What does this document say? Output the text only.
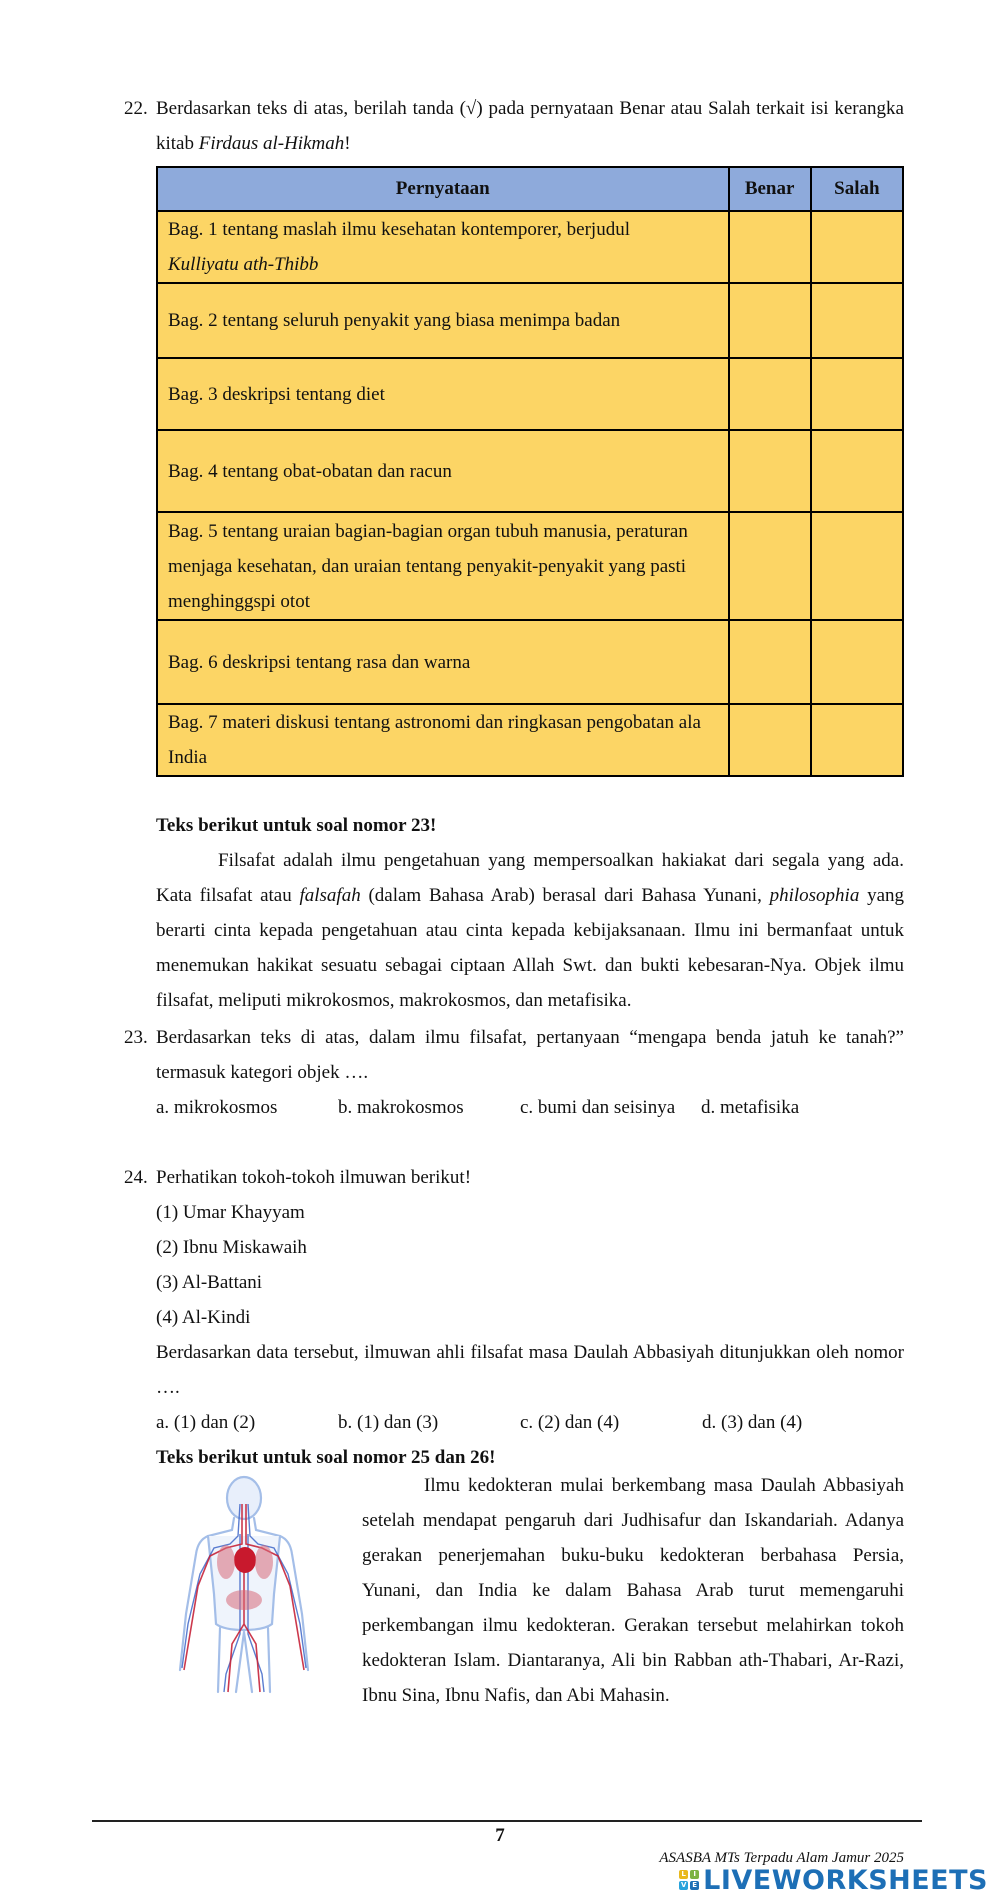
22. Berdasarkan teks di atas, berilah tanda (√) pada pernyataan Benar atau Salah terkait isi kerangka kitab Firdaus al-Hikmah!
Pernyataan	Benar	Salah
Bag. 1 tentang maslah ilmu kesehatan kontemporer, berjudul
Kulliyatu ath-Thibb		
Bag. 2 tentang seluruh penyakit yang biasa menimpa badan		
Bag. 3 deskripsi tentang diet		
Bag. 4 tentang obat-obatan dan racun		
Bag. 5 tentang uraian bagian-bagian organ tubuh manusia, peraturan menjaga kesehatan, dan uraian tentang penyakit-penyakit yang pasti menghinggspi otot		
Bag. 6 deskripsi tentang rasa dan warna		
Bag. 7 materi diskusi tentang astronomi dan ringkasan pengobatan ala India		
Teks berikut untuk soal nomor 23!
Filsafat adalah ilmu pengetahuan yang mempersoalkan hakiakat dari segala yang ada. Kata filsafat atau falsafah (dalam Bahasa Arab) berasal dari Bahasa Yunani, philosophia yang berarti cinta kepada pengetahuan atau cinta kepada kebijaksanaan. Ilmu ini bermanfaat untuk menemukan hakikat sesuatu sebagai ciptaan Allah Swt. dan bukti kebesaran-Nya. Objek ilmu filsafat, meliputi mikrokosmos, makrokosmos, dan metafisika.
23. Berdasarkan teks di atas, dalam ilmu filsafat, pertanyaan “mengapa benda jatuh ke tanah?” termasuk kategori objek ….
a. mikrokosmos	b. makrokosmos	c. bumi dan seisinya d. metafisika
24. Perhatikan tokoh-tokoh ilmuwan berikut!
(1) Umar Khayyam
(2) Ibnu Miskawaih
(3) Al-Battani
(4) Al-Kindi
Berdasarkan data tersebut, ilmuwan ahli filsafat masa Daulah Abbasiyah ditunjukkan oleh nomor ….
a. (1) dan (2)	b. (1) dan (3)	c. (2) dan (4)	d. (3) dan (4)
Teks berikut untuk soal nomor 25 dan 26!
Ilmu kedokteran mulai berkembang masa Daulah Abbasiyah setelah mendapat pengaruh dari Judhisafur dan Iskandariah. Adanya gerakan penerjemahan buku-buku kedokteran berbahasa Persia, Yunani, dan India ke dalam Bahasa Arab turut memengaruhi perkembangan ilmu kedokteran. Gerakan tersebut melahirkan tokoh kedokteran Islam. Diantaranya, Ali bin Rabban ath-Thabari, Ar-Razi, Ibnu Sina, Ibnu Nafis, dan Abi Mahasin.
7
ASASBA MTs Terpadu Alam Jamur 2025
L	I
V E LIVEWORKSHEETS
